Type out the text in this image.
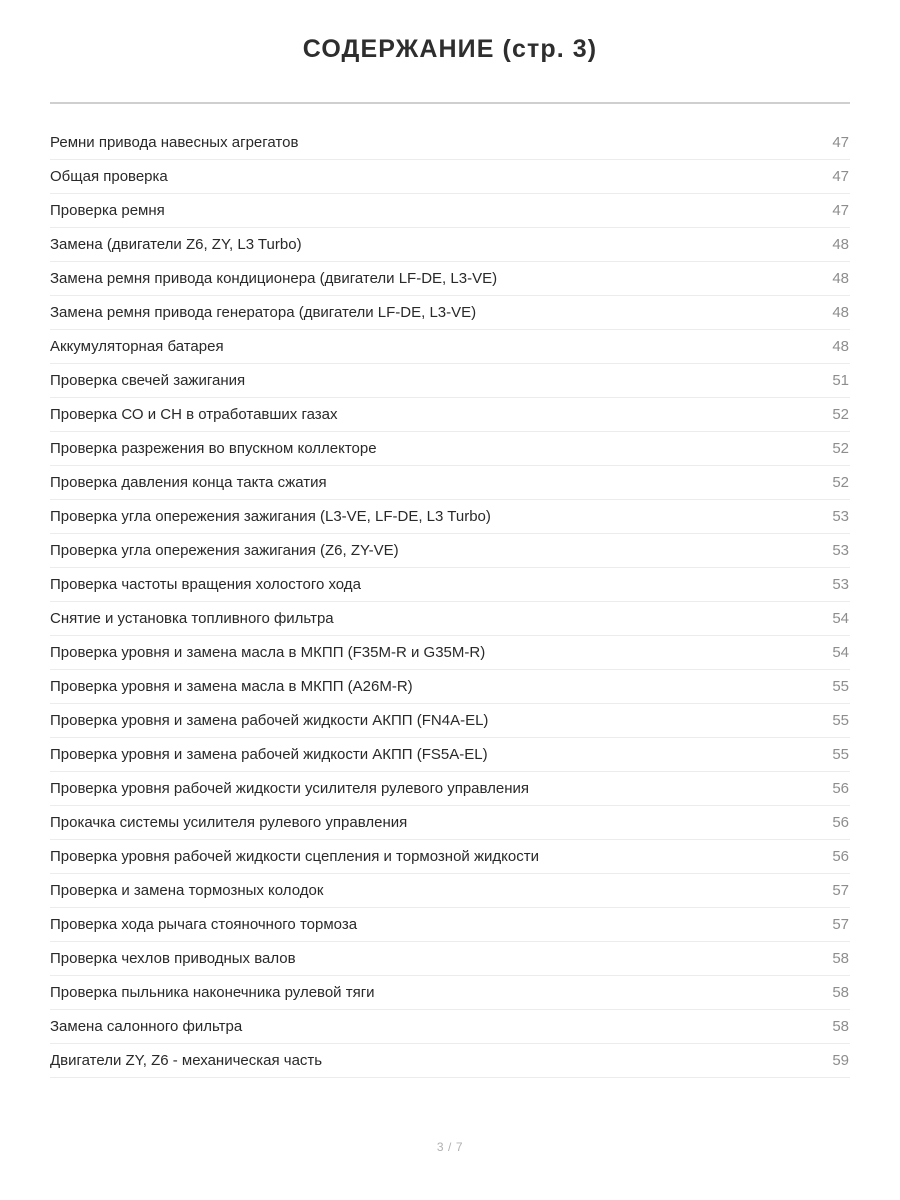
СОДЕРЖАНИЕ (стр. 3)
Ремни привода навесных агрегатов	47
Общая проверка	47
Проверка ремня	47
Замена (двигатели Z6, ZY, L3 Turbo)	48
Замена ремня привода кондиционера (двигатели LF-DE, L3-VE)	48
Замена ремня привода генератора (двигатели LF-DE, L3-VE)	48
Аккумуляторная батарея	48
Проверка свечей зажигания	51
Проверка СО и СН в отработавших газах	52
Проверка разрежения во впускном коллекторе	52
Проверка давления конца такта сжатия	52
Проверка угла опережения зажигания (L3-VE, LF-DE, L3 Turbo)	53
Проверка угла опережения зажигания (Z6, ZY-VE)	53
Проверка частоты вращения холостого хода	53
Снятие и установка топливного фильтра	54
Проверка уровня и замена масла в МКПП (F35M-R и G35M-R)	54
Проверка уровня и замена масла в МКПП (A26M-R)	55
Проверка уровня и замена рабочей жидкости АКПП (FN4A-EL)	55
Проверка уровня и замена рабочей жидкости АКПП (FS5A-EL)	55
Проверка уровня рабочей жидкости усилителя рулевого управления	56
Прокачка системы усилителя рулевого управления	56
Проверка уровня рабочей жидкости сцепления и тормозной жидкости	56
Проверка и замена тормозных колодок	57
Проверка хода рычага стояночного тормоза	57
Проверка чехлов приводных валов	58
Проверка пыльника наконечника рулевой тяги	58
Замена салонного фильтра	58
Двигатели ZY, Z6 - механическая часть	59
3 / 7
